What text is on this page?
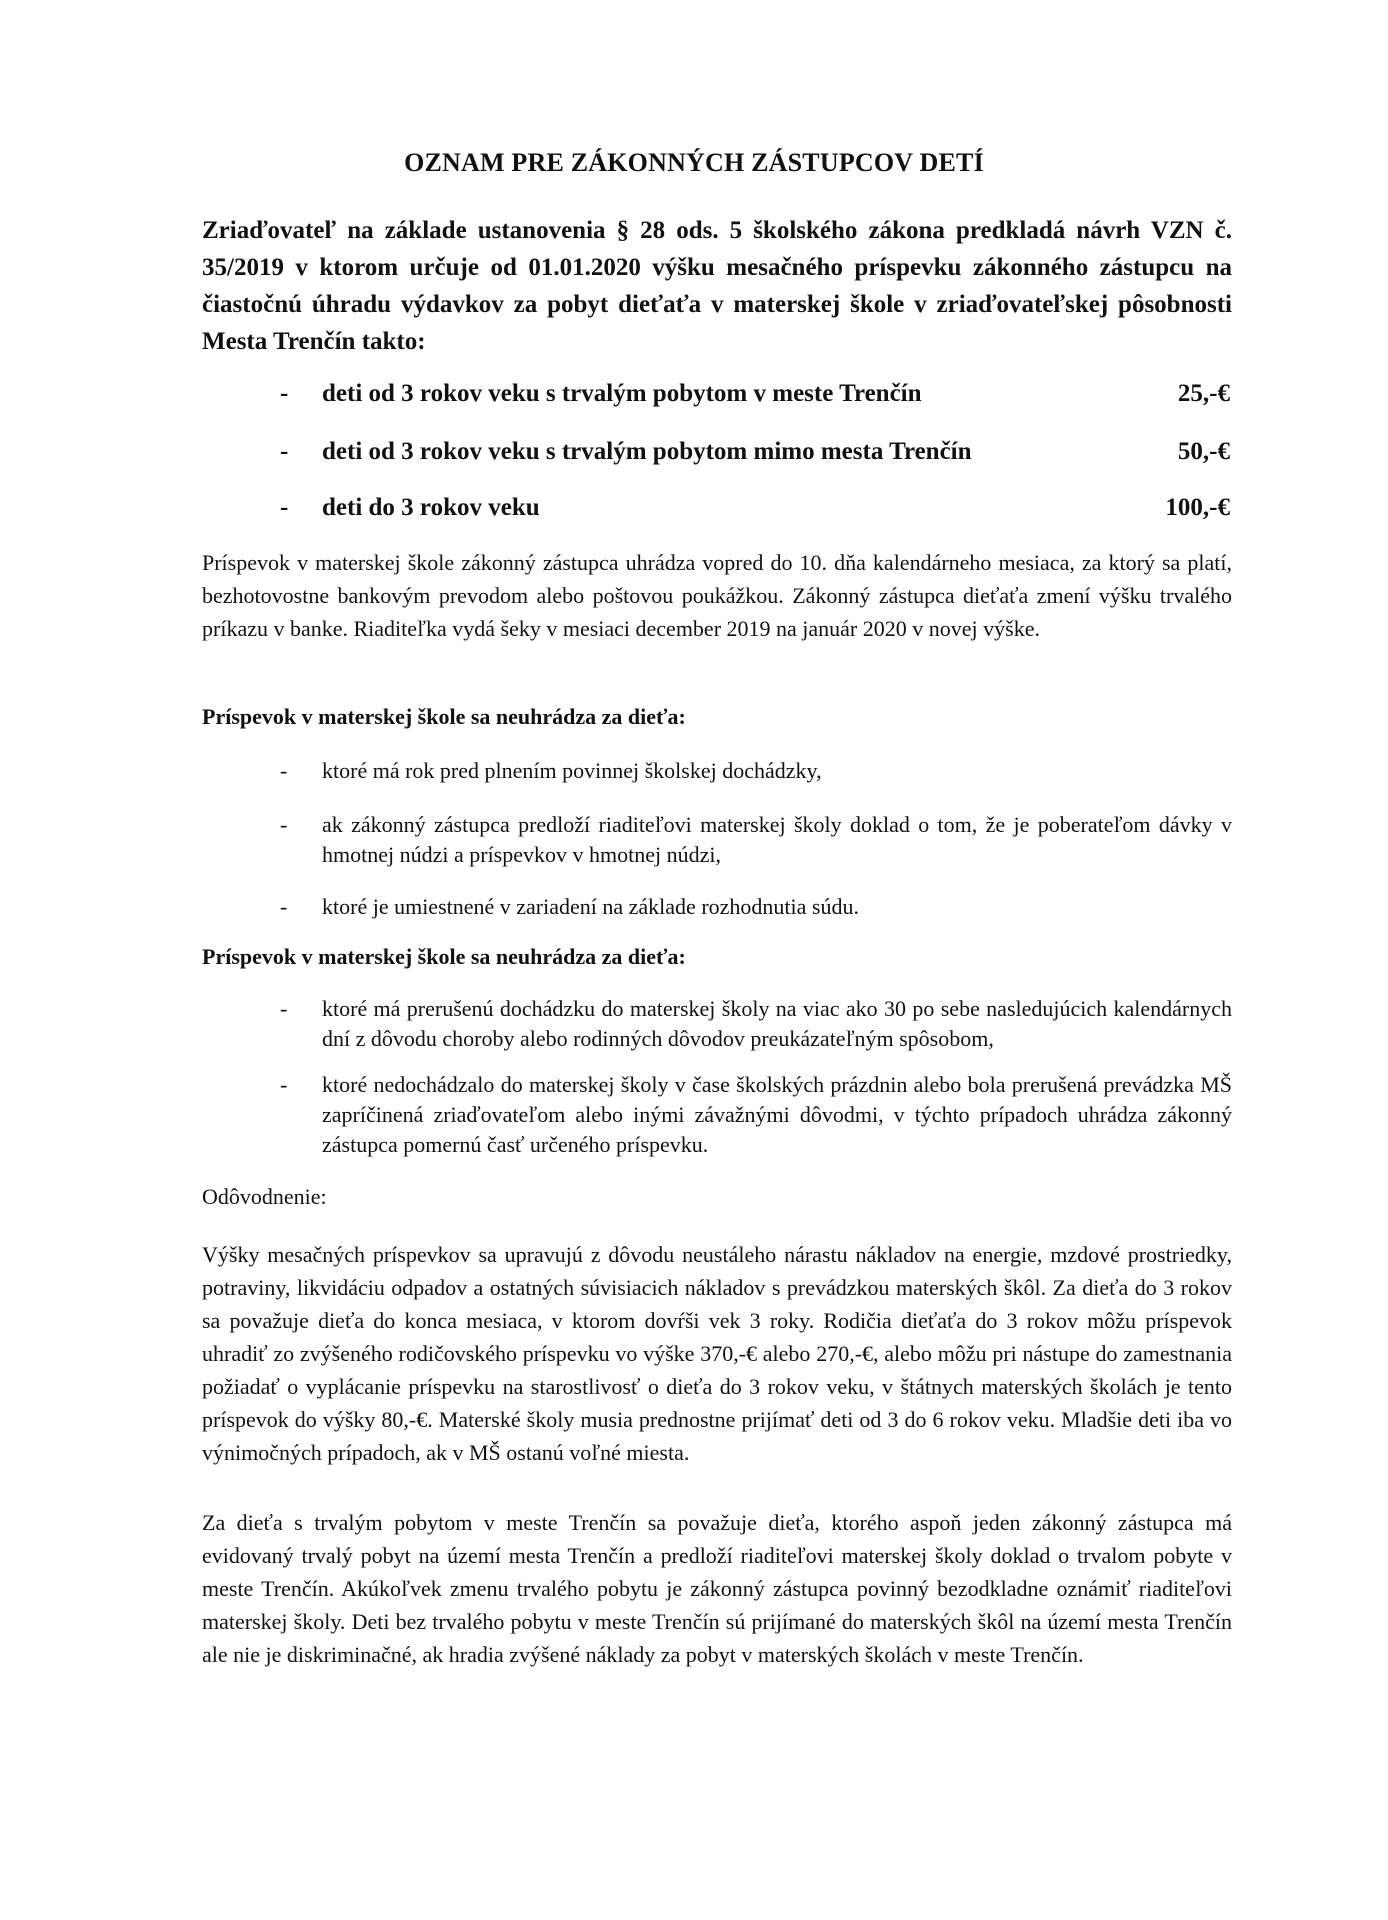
OZNAM PRE ZÁKONNÝCH ZÁSTUPCOV DETÍ
Zriaďovateľ na základe ustanovenia § 28 ods. 5 školského zákona predkladá návrh VZN č. 35/2019 v ktorom určuje od 01.01.2020 výšku mesačného príspevku zákonného zástupcu na čiastočnú úhradu výdavkov za pobyt dieťaťa v materskej škole v zriaďovateľskej pôsobnosti Mesta Trenčín takto:
- deti od 3 rokov veku s trvalým pobytom v meste Trenčín	25,-€
- deti od 3 rokov veku s trvalým pobytom mimo mesta Trenčín	50,-€
- deti do 3 rokov veku	100,-€
Príspevok v materskej škole zákonný zástupca uhrádza vopred do 10. dňa kalendárneho mesiaca, za ktorý sa platí, bezhotovostne bankovým prevodom alebo poštovou poukážkou. Zákonný zástupca dieťaťa zmení výšku trvalého príkazu v banke. Riaditeľka vydá šeky v mesiaci december 2019 na január 2020 v novej výške.
Príspevok v materskej škole sa neuhrádza za dieťa:
- ktoré má rok pred plnením povinnej školskej dochádzky,
- ak zákonný zástupca predloží riaditeľovi materskej školy doklad o tom, že je poberateľom dávky v hmotnej núdzi a príspevkov v hmotnej núdzi,
- ktoré je umiestnené v zariadení na základe rozhodnutia súdu.
Príspevok v materskej škole sa neuhrádza za dieťa:
- ktoré má prerušenú dochádzku do materskej školy na viac ako 30 po sebe nasledujúcich kalendárnych dní z dôvodu choroby alebo rodinných dôvodov preukázateľným spôsobom,
- ktoré nedochádzalo do materskej školy v čase školských prázdnin alebo bola prerušená prevádzka MŠ zapríčinená zriaďovateľom alebo inými závažnými dôvodmi, v týchto prípadoch uhrádza zákonný zástupca pomernú časť určeného príspevku.
Odôvodnenie:
Výšky mesačných príspevkov sa upravujú z dôvodu neustáleho nárastu nákladov na energie, mzdové prostriedky, potraviny, likvidáciu odpadov a ostatných súvisiacich nákladov s prevádzkou materských škôl. Za dieťa do 3 rokov sa považuje dieťa do konca mesiaca, v ktorom dovŕši vek 3 roky. Rodičia dieťaťa do 3 rokov môžu príspevok uhradiť zo zvýšeného rodičovského príspevku vo výške 370,-€ alebo 270,-€, alebo môžu pri nástupe do zamestnania požiadať o vyplácanie príspevku na starostlivosť o dieťa do 3 rokov veku, v štátnych materských školách je tento príspevok do výšky 80,-€. Materské školy musia prednostne prijímať deti od 3 do 6 rokov veku. Mladšie deti iba vo výnimočných prípadoch, ak v MŠ ostanú voľné miesta.
Za dieťa s trvalým pobytom v meste Trenčín sa považuje dieťa, ktorého aspoň jeden zákonný zástupca má evidovaný trvalý pobyt na území mesta Trenčín a predloží riaditeľovi materskej školy doklad o trvalom pobyte v meste Trenčín. Akúkoľvek zmenu trvalého pobytu je zákonný zástupca povinný bezodkladne oznámiť riaditeľovi materskej školy. Deti bez trvalého pobytu v meste Trenčín sú prijímané do materských škôl na území mesta Trenčín ale nie je diskriminačné, ak hradia zvýšené náklady za pobyt v materských školách v meste Trenčín.
